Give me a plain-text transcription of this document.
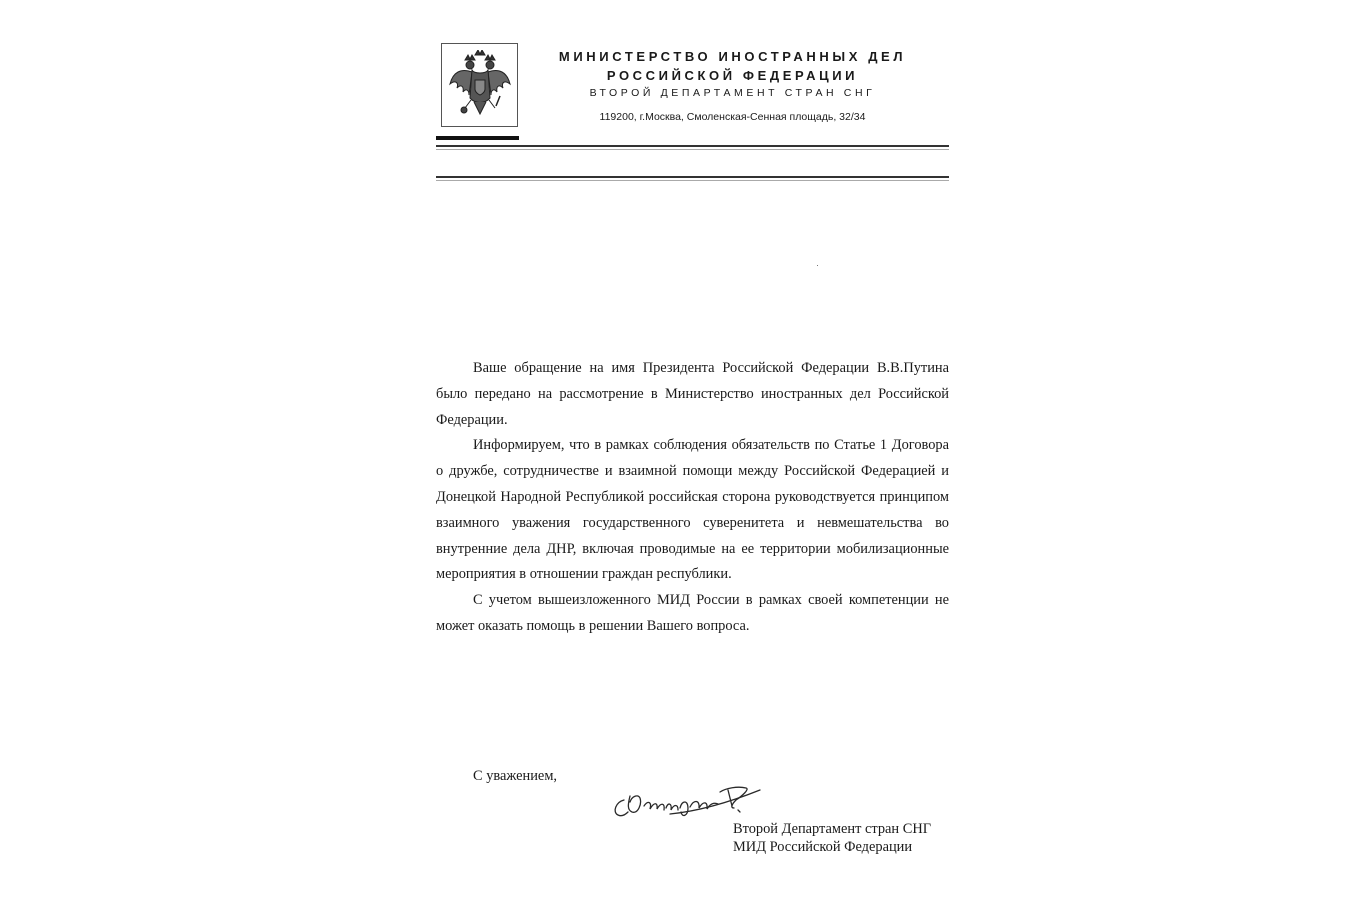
МИНИСТЕРСТВО ИНОСТРАННЫХ ДЕЛ
РОССИЙСКОЙ ФЕДЕРАЦИИ
ВТОРОЙ ДЕПАРТАМЕНТ СТРАН СНГ
119200, г.Москва, Смоленская-Сенная площадь, 32/34

Ваше обращение на имя Президента Российской Федерации В.В.Путина было передано на рассмотрение в Министерство иностранных дел Российской Федерации.

Информируем, что в рамках соблюдения обязательств по Статье 1 Договора о дружбе, сотрудничестве и взаимной помощи между Российской Федерацией и Донецкой Народной Республикой российская сторона руководствуется принципом взаимного уважения государственного суверенитета и невмешательства во внутренние дела ДНР, включая проводимые на ее территории мобилизационные мероприятия в отношении граждан республики.

С учетом вышеизложенного МИД России в рамках своей компетенции не может оказать помощь в решении Вашего вопроса.

С уважением,
Второй Департамент стран СНГ
МИД Российской Федерации
